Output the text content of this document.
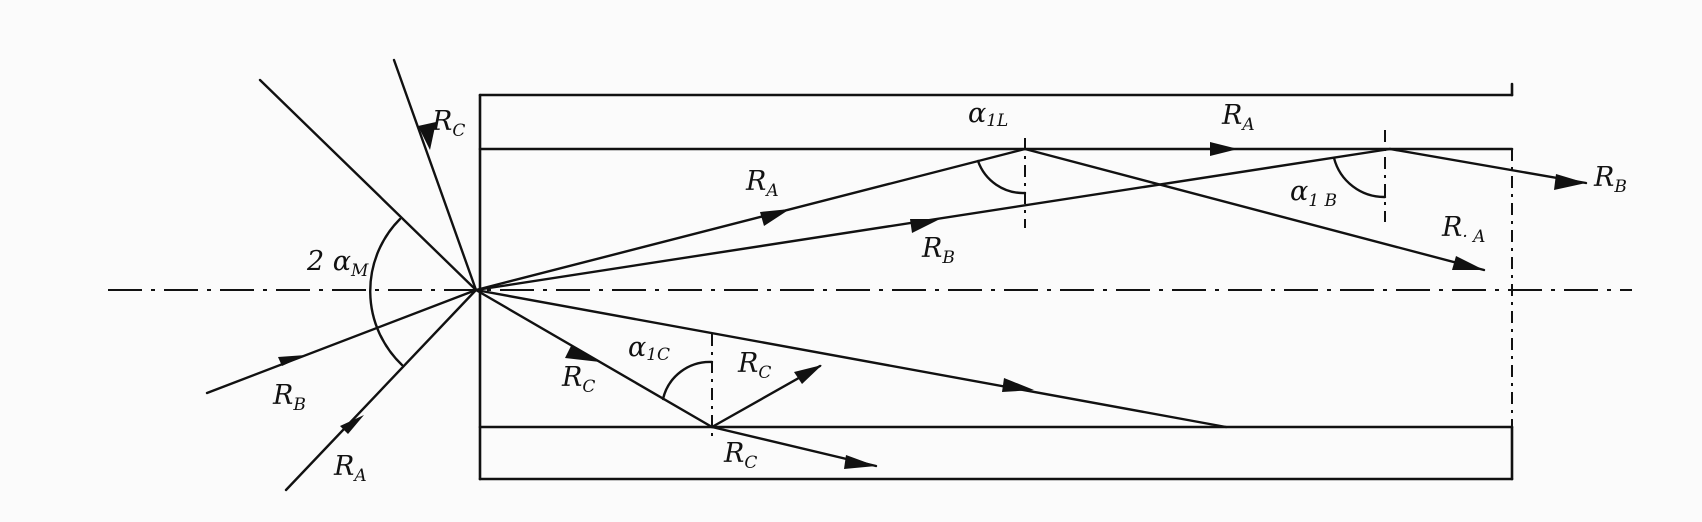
$R_C$
2 $\alpha_M$
$R_B$
$R_A$
$R_A$
$R_B$
α1L	$R_A$
$\alpha_{1 B}$
$R_B$
$R_{\cdot A}$
$R_C$
α1C	$R_C$
$R_C$
